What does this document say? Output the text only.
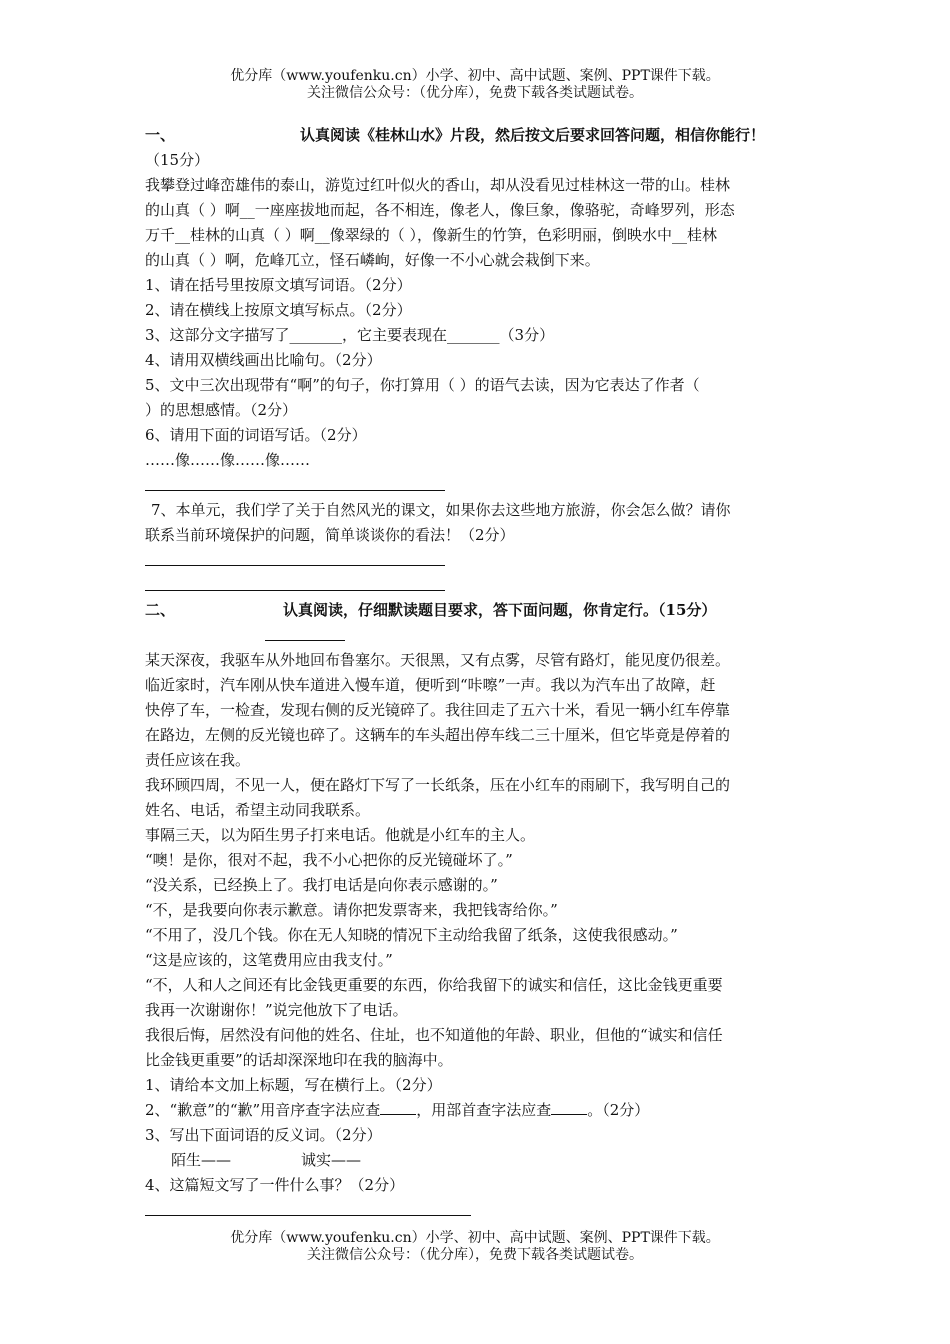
优分库（www.youfenku.cn）小学、初中、高中试题、案例、PPT课件下载。
关注微信公众号：（优分库），免费下载各类试题试卷。
一、	认真阅读《桂林山水》片段，然后按文后要求回答问题，相信你能行！
（15分）
我攀登过峰峦雄伟的泰山，游览过红叶似火的香山，却从没看见过桂林这一带的山。桂林
的山真（ ）啊__一座座拔地而起，各不相连，像老人，像巨象，像骆驼，奇峰罗列，形态
万千__桂林的山真（ ）啊__像翠绿的（ ），像新生的竹笋，色彩明丽，倒映水中__桂林
的山真（ ）啊，危峰兀立，怪石嶙峋，好像一不小心就会栽倒下来。
1、请在括号里按原文填写词语。（2分）
2、请在横线上按原文填写标点。（2分）
3、这部分文字描写了_______，它主要表现在_______（3分）
4、请用双横线画出比喻句。（2分）
5、文中三次出现带有“啊”的句子，你打算用（ ）的语气去读，因为它表达了作者（
）的思想感情。（2分）
6、请用下面的词语写话。（2分）
……像……像……像……
7、本单元，我们学了关于自然风光的课文，如果你去这些地方旅游，你会怎么做？请你
联系当前环境保护的问题，简单谈谈你的看法！（2分）
二、	认真阅读，仔细默读题目要求，答下面问题，你肯定行。（15分）
某天深夜，我驱车从外地回布鲁塞尔。天很黑，又有点雾，尽管有路灯，能见度仍很差。
临近家时，汽车刚从快车道进入慢车道，便听到“咔嚓”一声。我以为汽车出了故障，赶
快停了车，一检查，发现右侧的反光镜碎了。我往回走了五六十米，看见一辆小红车停靠
在路边，左侧的反光镜也碎了。这辆车的车头超出停车线二三十厘米，但它毕竟是停着的
责任应该在我。
我环顾四周，不见一人，便在路灯下写了一长纸条，压在小红车的雨刷下，我写明自己的
姓名、电话，希望主动同我联系。
事隔三天，以为陌生男子打来电话。他就是小红车的主人。
“噢！是你，很对不起，我不小心把你的反光镜碰坏了。”
“没关系，已经换上了。我打电话是向你表示感谢的。”
“不，是我要向你表示歉意。请你把发票寄来，我把钱寄给你。”
“不用了，没几个钱。你在无人知晓的情况下主动给我留了纸条，这使我很感动。”
“这是应该的，这笔费用应由我支付。”
“不，人和人之间还有比金钱更重要的东西，你给我留下的诚实和信任，这比金钱更重要
我再一次谢谢你！”说完他放下了电话。
我很后悔，居然没有问他的姓名、住址，也不知道他的年龄、职业，但他的“诚实和信任
比金钱更重要”的话却深深地印在我的脑海中。
1、请给本文加上标题，写在横行上。（2分）
2、“歉意”的“歉”用音序查字法应查 ，用部首查字法应查 。（2分）
3、写出下面词语的反义词。（2分）
陌生——	诚实——
4、这篇短文写了一件什么事？（2分）
优分库（www.youfenku.cn）小学、初中、高中试题、案例、PPT课件下载。
关注微信公众号：（优分库），免费下载各类试题试卷。
